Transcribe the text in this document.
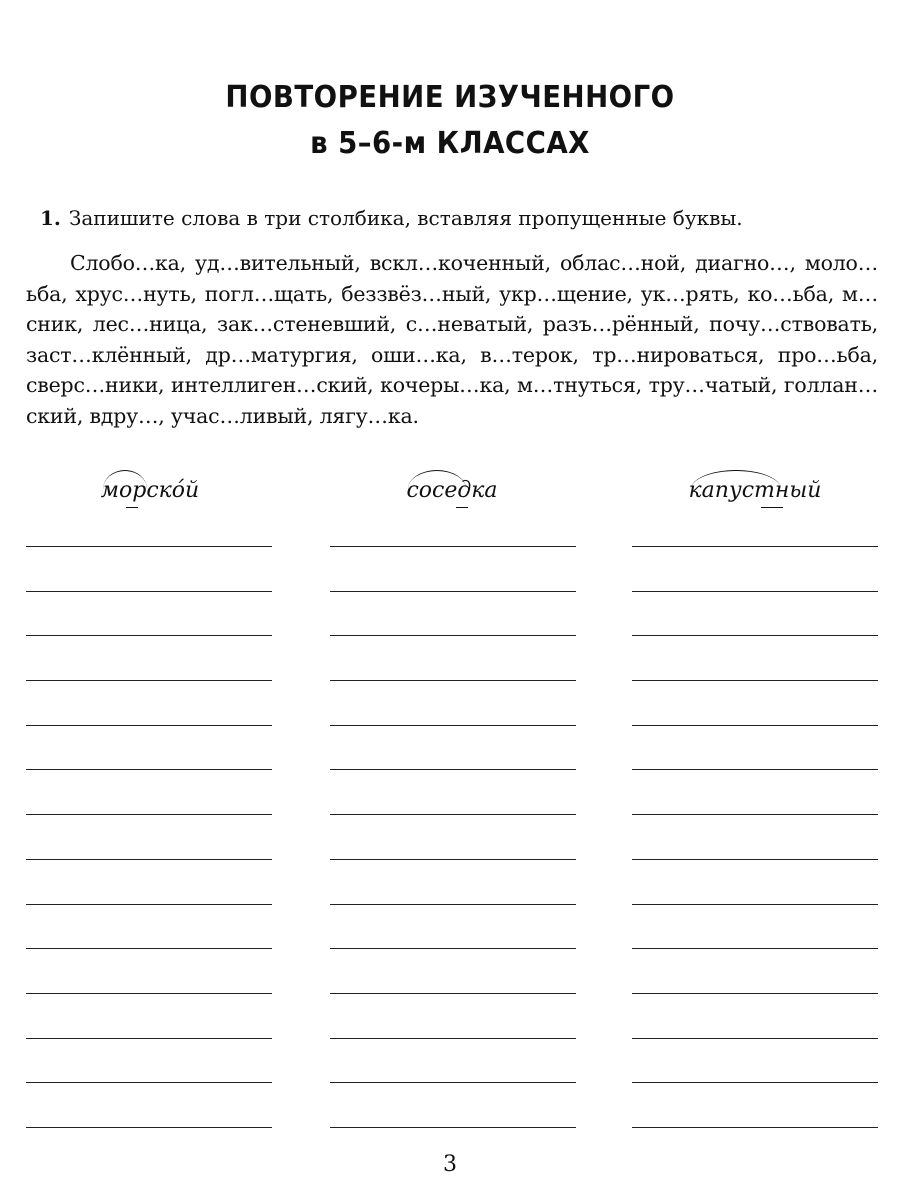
ПОВТОРЕНИЕ ИЗУЧЕННОГО
в 5–6-м КЛАССАХ
1. Запишите слова в три столбика, вставляя пропущенные буквы.
Слобо…ка, уд…вительный, вскл…коченный, облас…ной, диагно…, моло…ьба, хрус…нуть, погл…щать, беззвёз…ный, укр…щение, ук…рять, ко…ьба, м…сник, лес…ница, зак…стеневший, с…неватый, разъ…рённый, почу…ствовать, заст…клённый, др…матургия, оши…ка, в…терок, тр…нироваться, про…ьба, сверс…ники, интеллиген…ский, кочеры…ка, м…тнуться, тру…чатый, голлан…ский, вдру…, учас…ливый, лягу…ка.
морско́й	соседка	капустный
3
